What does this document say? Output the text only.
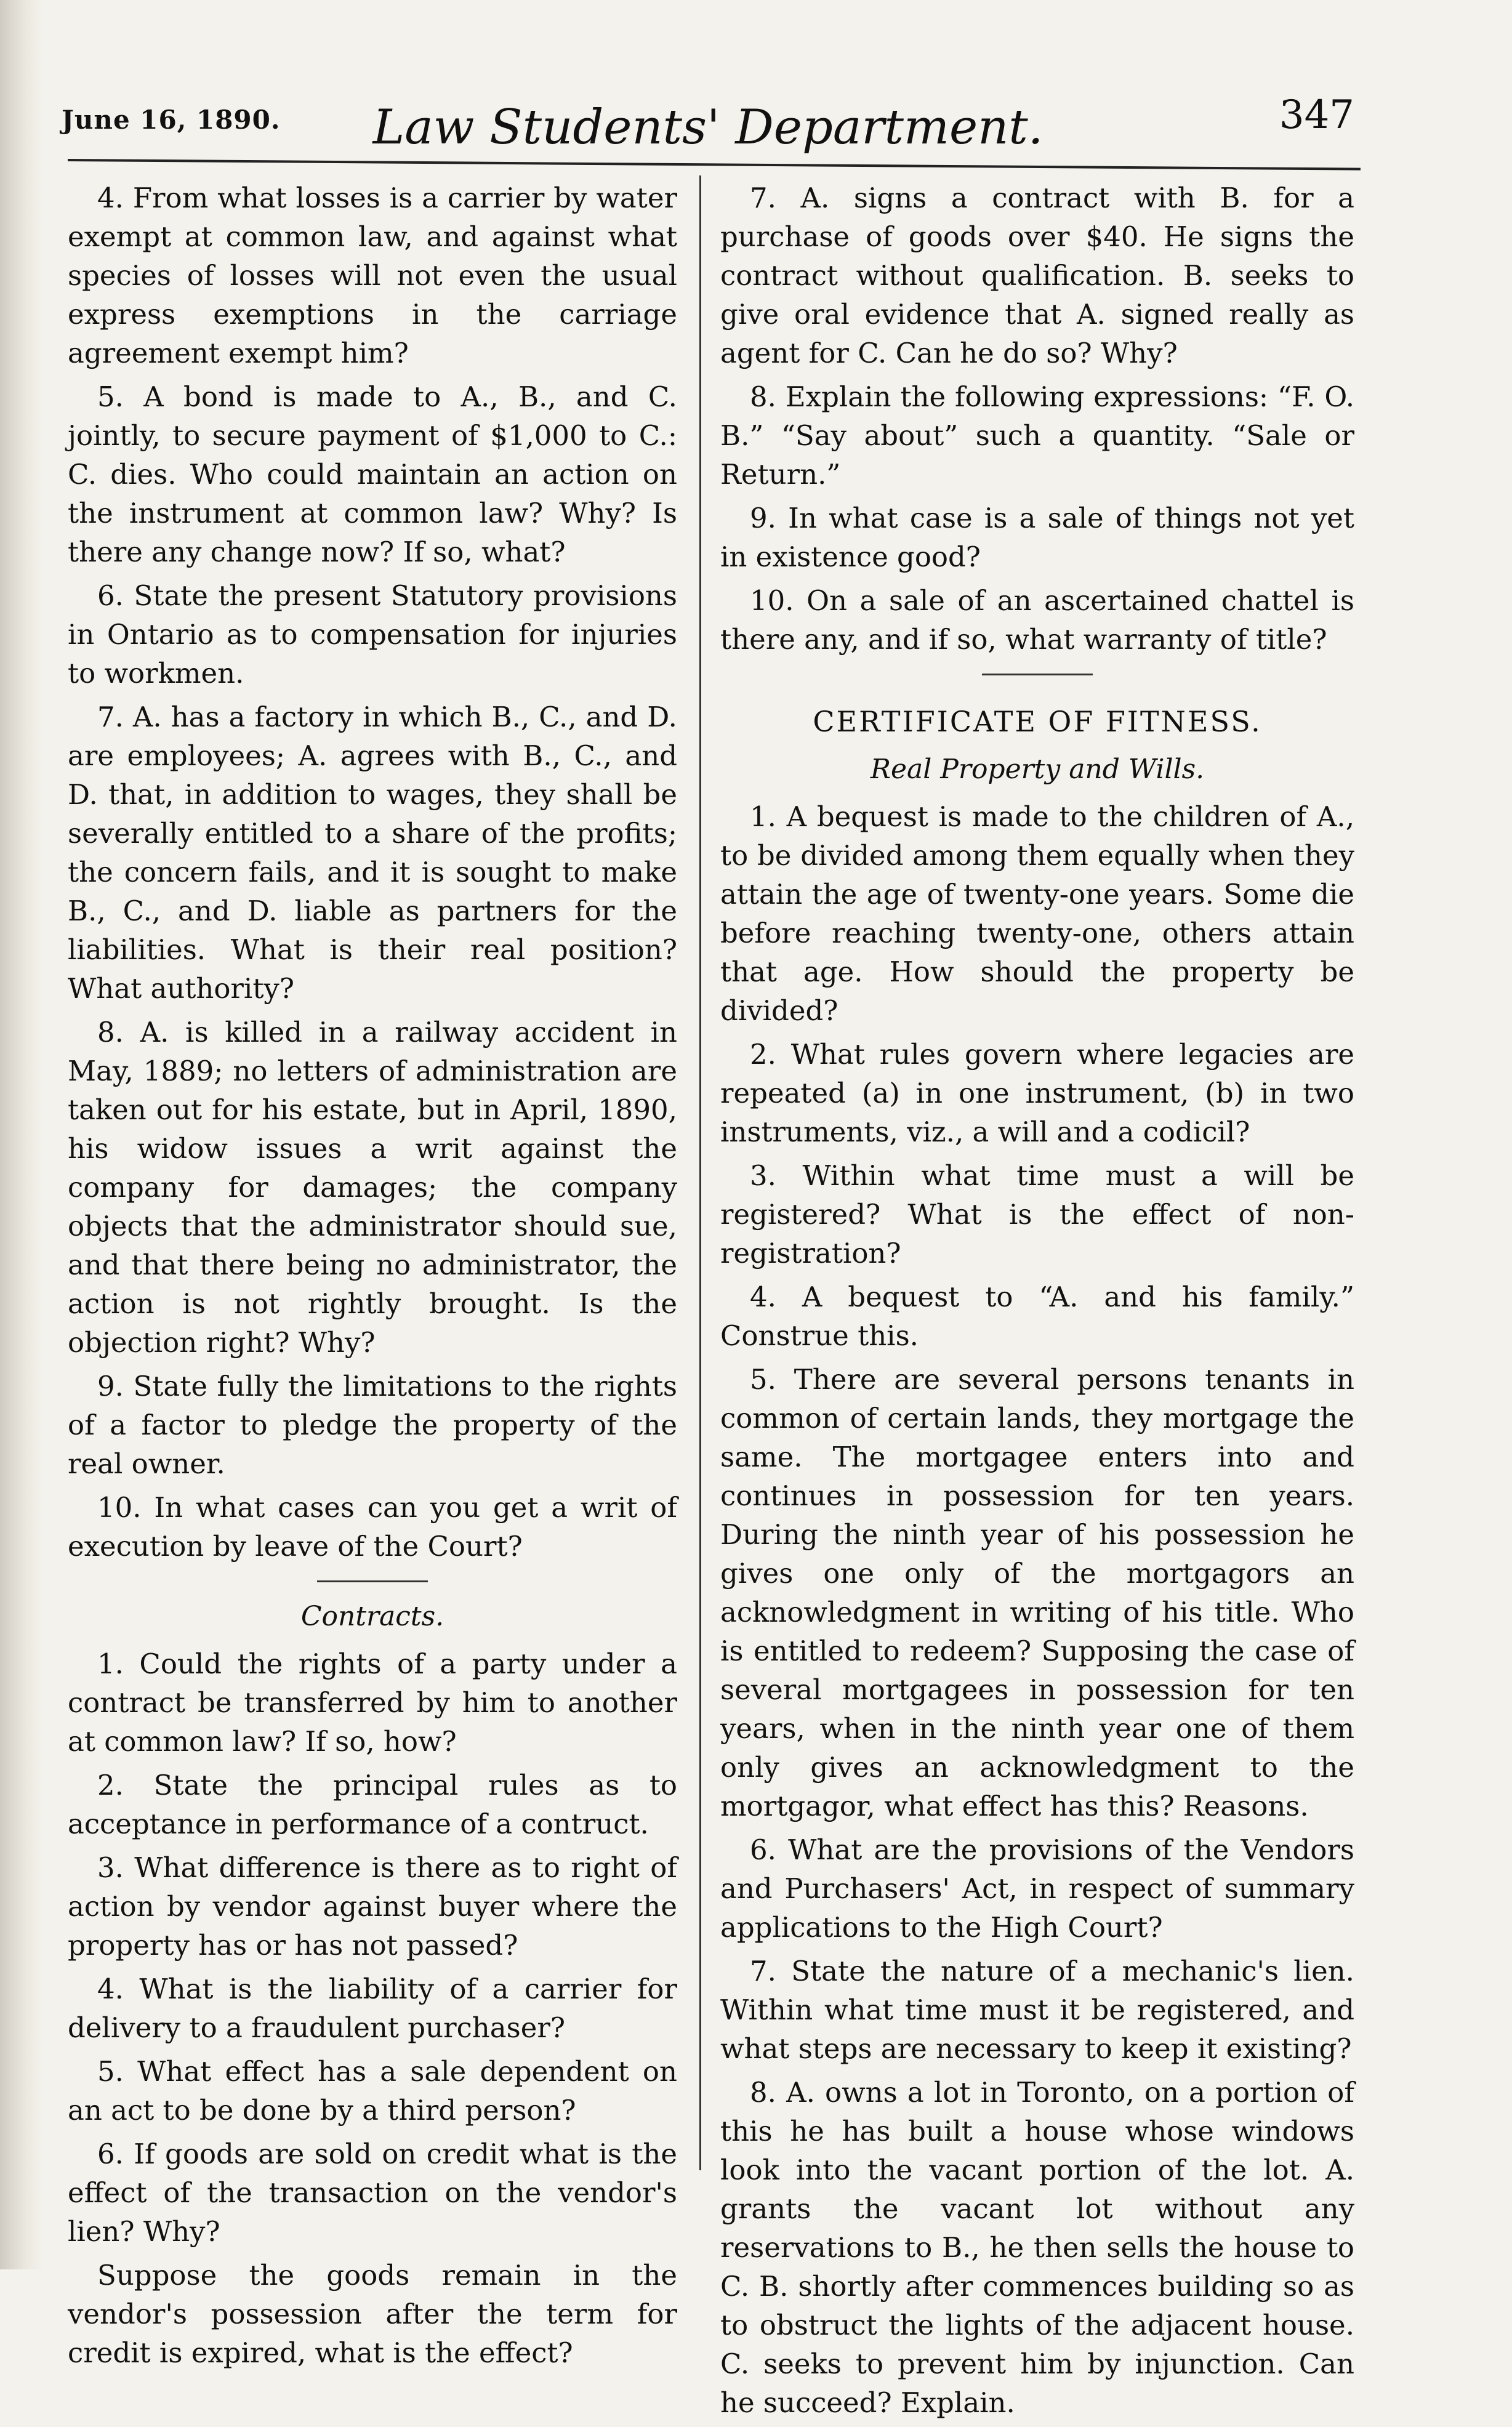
June 16, 1890.	Law Students' Department.	347

4. From what losses is a carrier by water exempt at common law, and against what species of losses will not even the usual express exemptions in the carriage agreement exempt him?

5. A bond is made to A., B., and C. jointly, to secure payment of $1,000 to C.: C. dies. Who could maintain an action on the instrument at common law? Why? Is there any change now? If so, what?

6. State the present Statutory provisions in Ontario as to compensation for injuries to workmen.

7. A. has a factory in which B., C., and D. are employees; A. agrees with B., C., and D. that, in addition to wages, they shall be severally entitled to a share of the profits; the concern fails, and it is sought to make B., C., and D. liable as partners for the liabilities. What is their real position? What authority?

8. A. is killed in a railway accident in May, 1889; no letters of administration are taken out for his estate, but in April, 1890, his widow issues a writ against the company for damages; the company objects that the administrator should sue, and that there being no administrator, the action is not rightly brought. Is the objection right? Why?

9. State fully the limitations to the rights of a factor to pledge the property of the real owner.

10. In what cases can you get a writ of execution by leave of the Court?

Contracts.

1. Could the rights of a party under a contract be transferred by him to another at common law? If so, how?

2. State the principal rules as to acceptance in performance of a contruct.

3. What difference is there as to right of action by vendor against buyer where the property has or has not passed?

4. What is the liability of a carrier for delivery to a fraudulent purchaser?

5. What effect has a sale dependent on an act to be done by a third person?

6. If goods are sold on credit what is the effect of the transaction on the vendor's lien? Why?

Suppose the goods remain in the vendor's possession after the term for credit is expired, what is the effect?

7. A. signs a contract with B. for a purchase of goods over $40. He signs the contract without qualification. B. seeks to give oral evidence that A. signed really as agent for C. Can he do so? Why?

8. Explain the following expressions: “F. O. B.” “Say about” such a quantity. “Sale or Return.”

9. In what case is a sale of things not yet in existence good?

10. On a sale of an ascertained chattel is there any, and if so, what warranty of title?

CERTIFICATE OF FITNESS.
Real Property and Wills.

1. A bequest is made to the children of A., to be divided among them equally when they attain the age of twenty-one years. Some die before reaching twenty-one, others attain that age. How should the property be divided?

2. What rules govern where legacies are repeated (a) in one instrument, (b) in two instruments, viz., a will and a codicil?

3. Within what time must a will be registered? What is the effect of non-registration?

4. A bequest to “A. and his family.” Construe this.

5. There are several persons tenants in common of certain lands, they mortgage the same. The mortgagee enters into and continues in possession for ten years. During the ninth year of his possession he gives one only of the mortgagors an acknowledgment in writing of his title. Who is entitled to redeem? Supposing the case of several mortgagees in possession for ten years, when in the ninth year one of them only gives an acknowledgment to the mortgagor, what effect has this? Reasons.

6. What are the provisions of the Vendors and Purchasers' Act, in respect of summary applications to the High Court?

7. State the nature of a mechanic's lien. Within what time must it be registered, and what steps are necessary to keep it existing?

8. A. owns a lot in Toronto, on a portion of this he has built a house whose windows look into the vacant portion of the lot. A. grants the vacant lot without any reservations to B., he then sells the house to C. B. shortly after commences building so as to obstruct the lights of the adjacent house. C. seeks to prevent him by injunction. Can he succeed? Explain.
